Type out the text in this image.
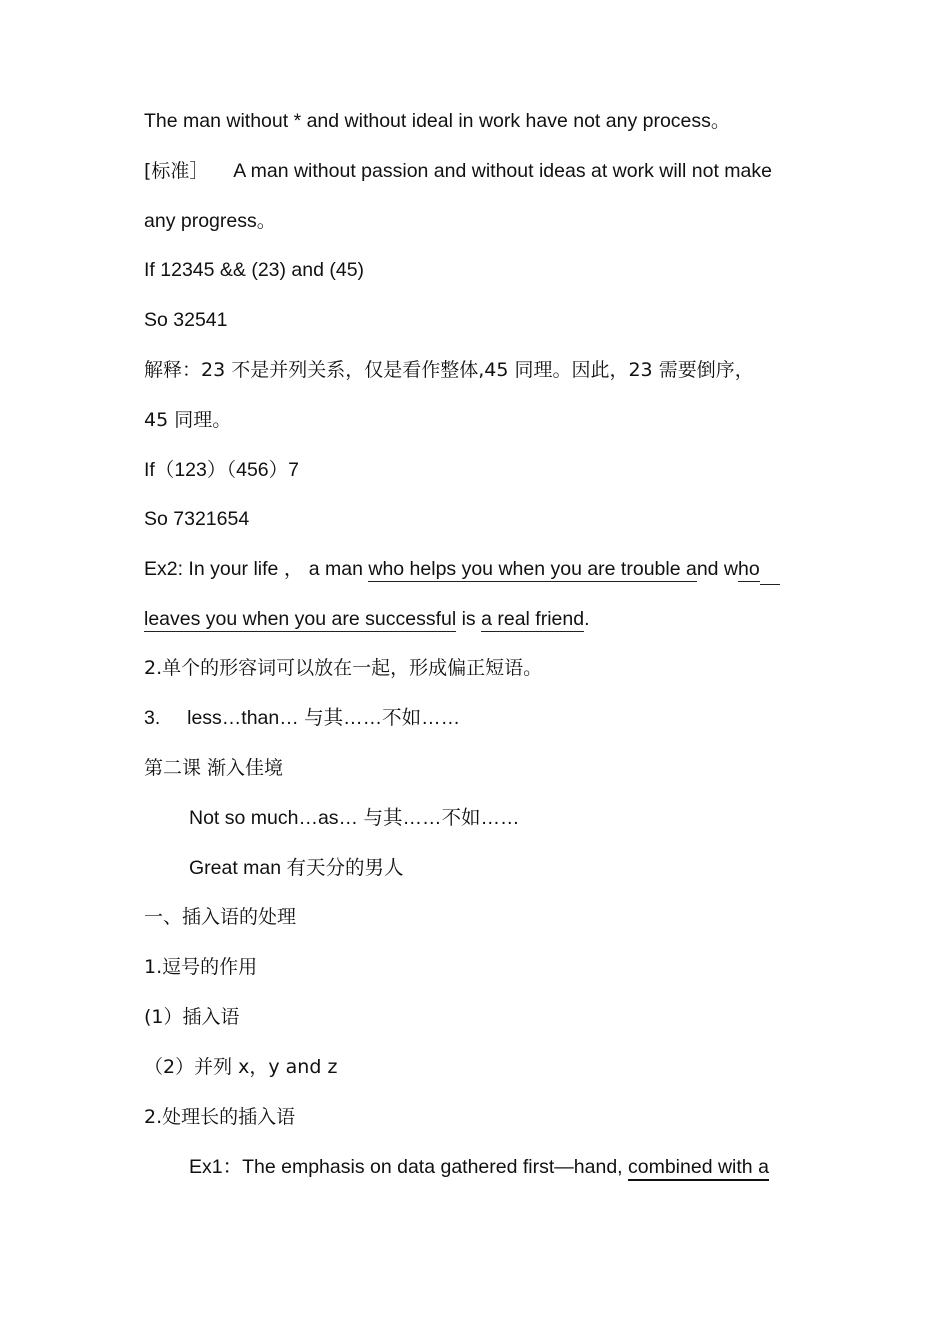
The man without * and without ideal in work have not any process。
[标准］ A man without passion and without ideas at work will not make
any progress。
If 12345 && (23) and (45)
So 32541
解释：23 不是并列关系，仅是看作整体,45 同理。因此，23 需要倒序，
45 同理。
If（123）（456）7
So 7321654
Ex2: In your life ， a man who helps you when you are trouble and who
leaves you when you are successful is a real friend.
2.单个的形容词可以放在一起，形成偏正短语。
3. less…than… 与其……不如……
第二课 渐入佳境
Not so much…as… 与其……不如……
Great man 有天分的男人
一、插入语的处理
1.逗号的作用
(1）插入语
（2）并列 x，y and z
2.处理长的插入语
Ex1：The emphasis on data gathered first—hand, combined with a
